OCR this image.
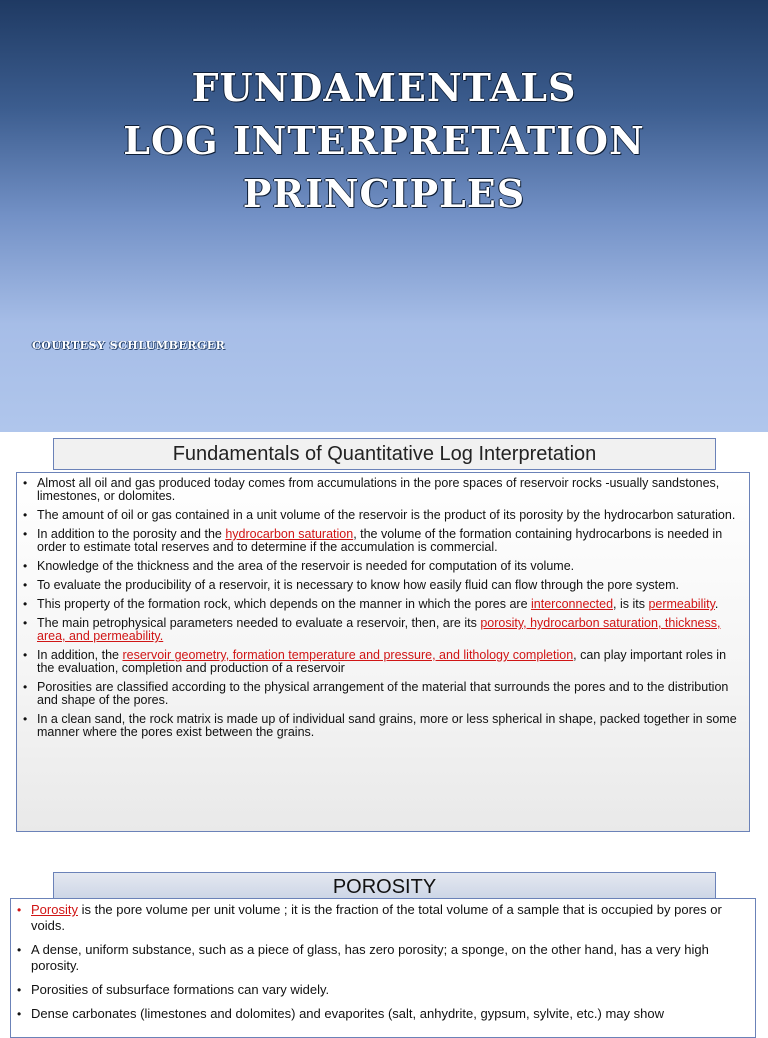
FUNDAMENTALS
LOG INTERPRETATION
PRINCIPLES
COURTESY SCHLUMBERGER
Fundamentals of Quantitative Log Interpretation
• Almost all oil and gas produced today comes from accumulations in the pore spaces of reservoir rocks -usually sandstones, limestones, or dolomites.
• The amount of oil or gas contained in a unit volume of the reservoir is the product of its porosity by the hydrocarbon saturation.
• In addition to the porosity and the hydrocarbon saturation, the volume of the formation containing hydrocarbons is needed in order to estimate total reserves and to determine if the accumulation is commercial.
• Knowledge of the thickness and the area of the reservoir is needed for computation of its volume.
• To evaluate the producibility of a reservoir, it is necessary to know how easily fluid can flow through the pore system.
• This property of the formation rock, which depends on the manner in which the pores are interconnected, is its permeability.
• The main petrophysical parameters needed to evaluate a reservoir, then, are its porosity, hydrocarbon saturation, thickness, area, and permeability.
• In addition, the reservoir geometry, formation temperature and pressure, and lithology completion, can play important roles in the evaluation, completion and production of a reservoir
• Porosities are classified according to the physical arrangement of the material that surrounds the pores and to the distribution and shape of the pores.
• In a clean sand, the rock matrix is made up of individual sand grains, more or less spherical in shape, packed together in some manner where the pores exist between the grains.
POROSITY
• Porosity is the pore volume per unit volume ; it is the fraction of the total volume of a sample that is occupied by pores or voids.
• A dense, uniform substance, such as a piece of glass, has zero porosity; a sponge, on the other hand, has a very high porosity.
• Porosities of subsurface formations can vary widely.
• Dense carbonates (limestones and dolomites) and evaporites (salt, anhydrite, gypsum, sylvite, etc.) may show
